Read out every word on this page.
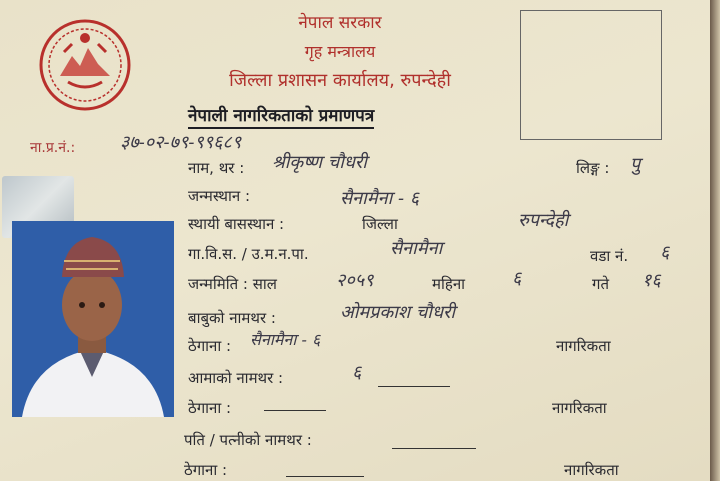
नेपाल सरकार
गृह मन्त्रालय
जिल्ला प्रशासन कार्यालय, रुपन्देही
नेपाली नागरिकताको प्रमाणपत्र
ना.प्र.नं.: ३७-०२-७९-९९६८९
नाम, थर : श्रीकृष्ण चौधरी	लिङ्ग : पु
जन्मस्थान :	सैनामैना - ६
स्थायी बासस्थान :	जिल्ला	रुपन्देही
गा.वि.स. / उ.म.न.पा.	सैनामैना	वडा नं. ६
जन्ममिति : साल	२०५९	महिना	६	गते १६
बाबुको नामथर :	ओमप्रकाश चौधरी
ठेगाना : सैनामैना - ६	नागरिकता
आमाको नामथर :	६
ठेगाना :	नागरिकता
पति / पत्नीको नामथर :
ठेगाना :	नागरिकता
